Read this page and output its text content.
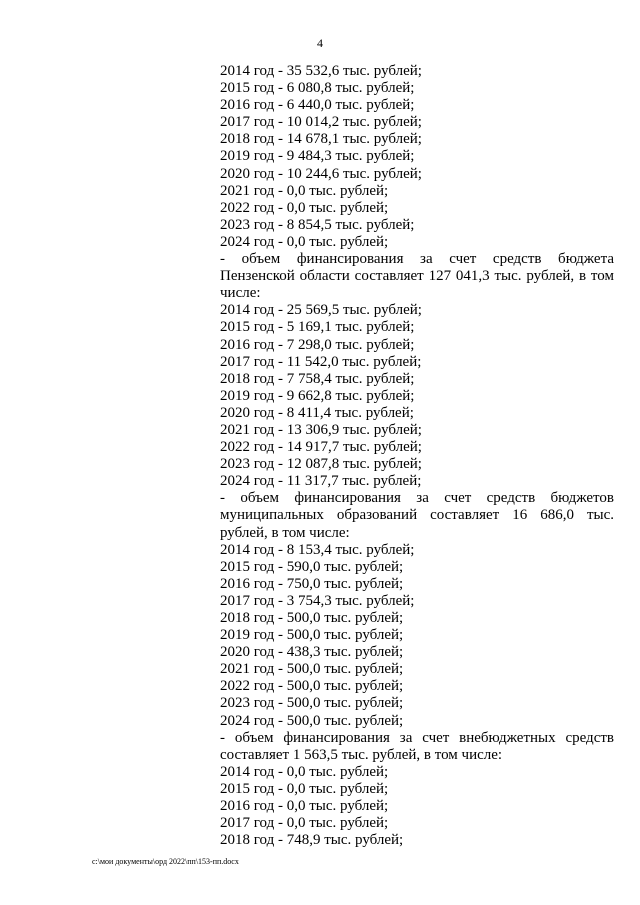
4
2014 год - 35 532,6 тыс. рублей;
2015 год - 6 080,8 тыс. рублей;
2016 год - 6 440,0 тыс. рублей;
2017 год - 10 014,2 тыс. рублей;
2018 год - 14 678,1 тыс. рублей;
2019 год - 9 484,3 тыс. рублей;
2020 год - 10 244,6 тыс. рублей;
2021 год - 0,0 тыс. рублей;
2022 год - 0,0 тыс. рублей;
2023 год - 8 854,5 тыс. рублей;
2024 год - 0,0 тыс. рублей;
- объем финансирования за счет средств бюджета Пензенской области составляет 127 041,3 тыс. рублей, в том числе:
2014 год - 25 569,5 тыс. рублей;
2015 год - 5 169,1 тыс. рублей;
2016 год - 7 298,0 тыс. рублей;
2017 год - 11 542,0 тыс. рублей;
2018 год - 7 758,4 тыс. рублей;
2019 год - 9 662,8 тыс. рублей;
2020 год - 8 411,4 тыс. рублей;
2021 год - 13 306,9 тыс. рублей;
2022 год - 14 917,7 тыс. рублей;
2023 год - 12 087,8 тыс. рублей;
2024 год - 11 317,7 тыс. рублей;
- объем финансирования за счет средств бюджетов муниципальных образований составляет 16 686,0 тыс. рублей, в том числе:
2014 год - 8 153,4 тыс. рублей;
2015 год - 590,0 тыс. рублей;
2016 год - 750,0 тыс. рублей;
2017 год - 3 754,3 тыс. рублей;
2018 год - 500,0 тыс. рублей;
2019 год - 500,0 тыс. рублей;
2020 год - 438,3 тыс. рублей;
2021 год - 500,0 тыс. рублей;
2022 год - 500,0 тыс. рублей;
2023 год - 500,0 тыс. рублей;
2024 год - 500,0 тыс. рублей;
- объем финансирования за счет внебюджетных средств составляет 1 563,5 тыс. рублей, в том числе:
2014 год - 0,0 тыс. рублей;
2015 год - 0,0 тыс. рублей;
2016 год - 0,0 тыс. рублей;
2017 год - 0,0 тыс. рублей;
2018 год - 748,9 тыс. рублей;
c:\мои документы\орд 2022\пп\153-пп.docx
